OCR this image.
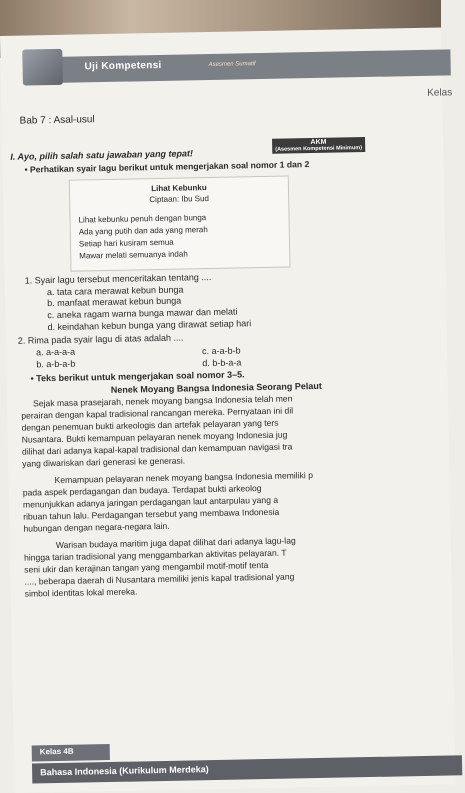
Uji Kompetensi	Asesmen Sumatif
Kelas
Bab 7 : Asal-usul
AKM
(Asesmen Kompetensi Minimum)
I. Ayo, pilih salah satu jawaban yang tepat!
• Perhatikan syair lagu berikut untuk mengerjakan soal nomor 1 dan 2
Lihat Kebunku
Ciptaan: Ibu Sud
Lihat kebunku penuh dengan bunga
Ada yang putih dan ada yang merah
Setiap hari kusiram semua
Mawar melati semuanya indah
1. Syair lagu tersebut menceritakan tentang ....
a. tata cara merawat kebun bunga
b. manfaat merawat kebun bunga
c. aneka ragam warna bunga mawar dan melati
d. keindahan kebun bunga yang dirawat setiap hari
2. Rima pada syair lagu di atas adalah ....
a. a-a-a-a	c. a-a-b-b
b. a-b-a-b	d. b-b-a-a
• Teks berikut untuk mengerjakan soal nomor 3–5.
Nenek Moyang Bangsa Indonesia Seorang Pelaut
Sejak masa prasejarah, nenek moyang bangsa Indonesia telah men
perairan dengan kapal tradisional rancangan mereka. Pernyataan ini dil
dengan penemuan bukti arkeologis dan artefak pelayaran yang ters
Nusantara. Bukti kemampuan pelayaran nenek moyang Indonesia jug
dilihat dari adanya kapal-kapal tradisional dan kemampuan navigasi tra
yang diwariskan dari generasi ke generasi.
Kemampuan pelayaran nenek moyang bangsa Indonesia memiliki p
pada aspek perdagangan dan budaya. Terdapat bukti arkeolog
menunjukkan adanya jaringan perdagangan laut antarpulau yang a
ribuan tahun lalu. Perdagangan tersebut yang membawa Indonesia
hubungan dengan negara-negara lain.
Warisan budaya maritim juga dapat dilihat dari adanya lagu-lag
hingga tarian tradisional yang menggambarkan aktivitas pelayaran. T
seni ukir dan kerajinan tangan yang mengambil motif-motif tenta
...., beberapa daerah di Nusantara memiliki jenis kapal tradisional yang
simbol identitas lokal mereka.
Kelas 4B
Bahasa Indonesia (Kurikulum Merdeka)
